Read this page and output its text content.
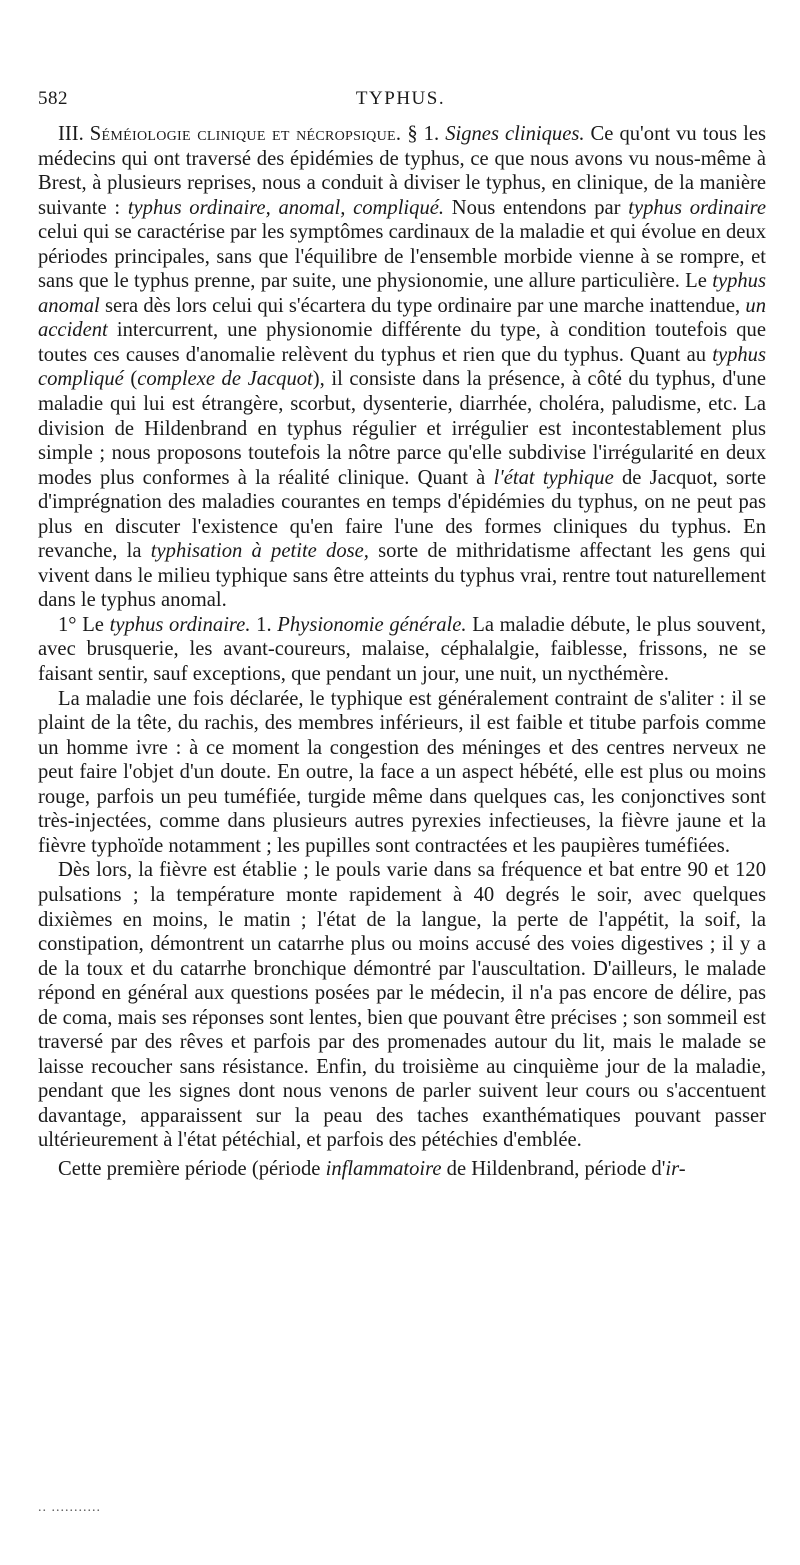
582	TYPHUS.

III. Séméiologie clinique et nécropsique. § 1. Signes cliniques. Ce qu'ont vu tous les médecins qui ont traversé des épidémies de typhus, ce que nous avons vu nous-même à Brest, à plusieurs reprises, nous a conduit à diviser le typhus, en clinique, de la manière suivante : typhus ordinaire, anomal, compliqué. Nous entendons par typhus ordinaire celui qui se caractérise par les symptômes cardinaux de la maladie et qui évolue en deux périodes principales, sans que l'équilibre de l'ensemble morbide vienne à se rompre, et sans que le typhus prenne, par suite, une physionomie, une allure particulière. Le typhus anomal sera dès lors celui qui s'écartera du type ordinaire par une marche inattendue, un accident intercurrent, une physionomie différente du type, à condition toutefois que toutes ces causes d'anomalie relèvent du typhus et rien que du typhus. Quant au typhus compliqué (complexe de Jacquot), il consiste dans la présence, à côté du typhus, d'une maladie qui lui est étrangère, scorbut, dysenterie, diarrhée, choléra, paludisme, etc. La division de Hildenbrand en typhus régulier et irrégulier est incontestablement plus simple ; nous proposons toutefois la nôtre parce qu'elle subdivise l'irrégularité en deux modes plus conformes à la réalité clinique. Quant à l'état typhique de Jacquot, sorte d'imprégnation des maladies courantes en temps d'épidémies du typhus, on ne peut pas plus en discuter l'existence qu'en faire l'une des formes cliniques du typhus. En revanche, la typhisation à petite dose, sorte de mithridatisme affectant les gens qui vivent dans le milieu typhique sans être atteints du typhus vrai, rentre tout naturellement dans le typhus anomal.

1° Le typhus ordinaire. 1. Physionomie générale. La maladie débute, le plus souvent, avec brusquerie, les avant-coureurs, malaise, céphalalgie, faiblesse, frissons, ne se faisant sentir, sauf exceptions, que pendant un jour, une nuit, un nycthémère.

La maladie une fois déclarée, le typhique est généralement contraint de s'aliter : il se plaint de la tête, du rachis, des membres inférieurs, il est faible et titube parfois comme un homme ivre : à ce moment la congestion des méninges et des centres nerveux ne peut faire l'objet d'un doute. En outre, la face a un aspect hébété, elle est plus ou moins rouge, parfois un peu tuméfiée, turgide même dans quelques cas, les conjonctives sont très-injectées, comme dans plusieurs autres pyrexies infectieuses, la fièvre jaune et la fièvre typhoïde notamment ; les pupilles sont contractées et les paupières tuméfiées.

Dès lors, la fièvre est établie ; le pouls varie dans sa fréquence et bat entre 90 et 120 pulsations ; la température monte rapidement à 40 degrés le soir, avec quelques dixièmes en moins, le matin ; l'état de la langue, la perte de l'appétit, la soif, la constipation, démontrent un catarrhe plus ou moins accusé des voies digestives ; il y a de la toux et du catarrhe bronchique démontré par l'auscultation. D'ailleurs, le malade répond en général aux questions posées par le médecin, il n'a pas encore de délire, pas de coma, mais ses réponses sont lentes, bien que pouvant être précises ; son sommeil est traversé par des rêves et parfois par des promenades autour du lit, mais le malade se laisse recoucher sans résistance. Enfin, du troisième au cinquième jour de la maladie, pendant que les signes dont nous venons de parler suivent leur cours ou s'accentuent davantage, apparaissent sur la peau des taches exanthématiques pouvant passer ultérieurement à l'état pétéchial, et parfois des pétéchies d'emblée.

Cette première période (période inflammatoire de Hildenbrand, période d'ir-

.. ...........
